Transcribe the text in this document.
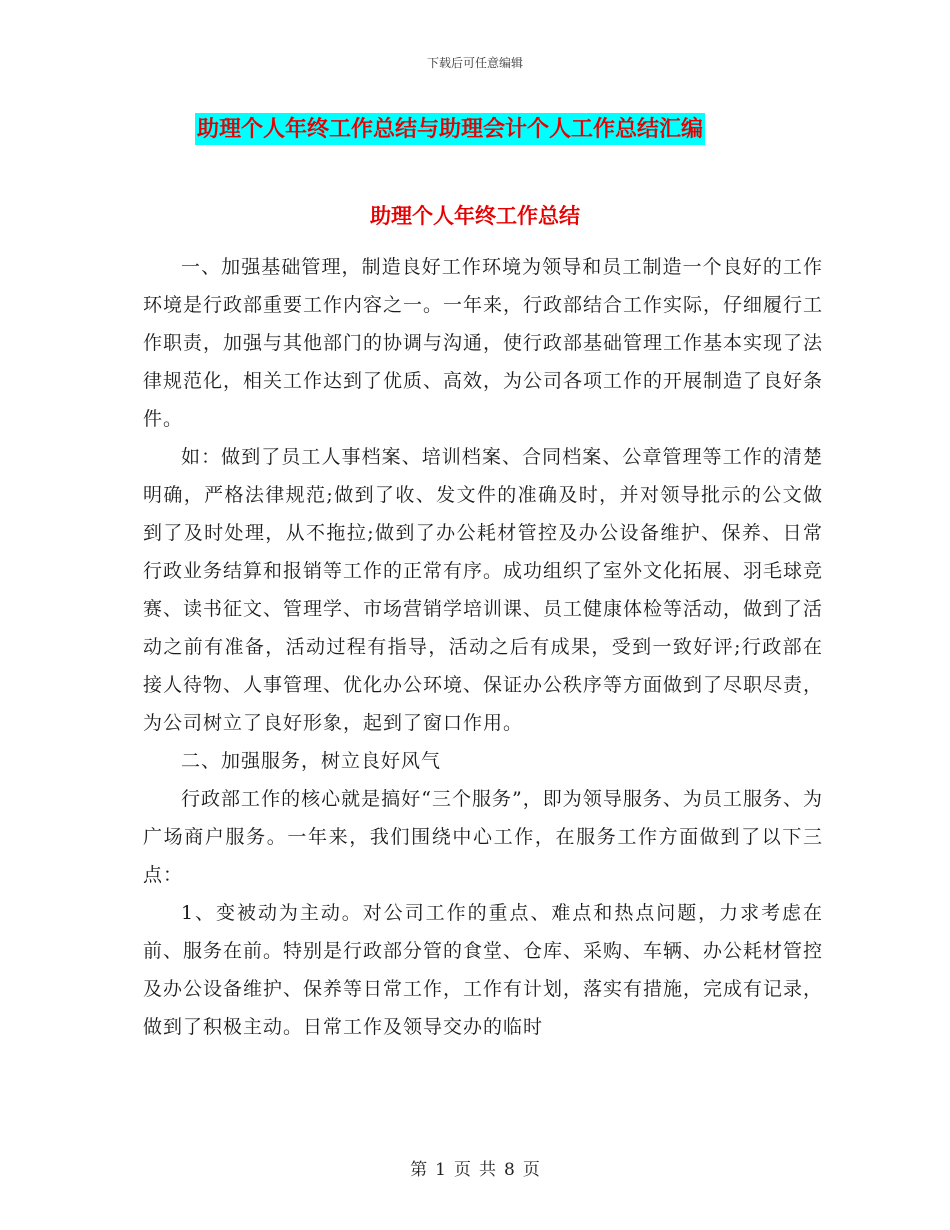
下载后可任意编辑
助理个人年终工作总结与助理会计个人工作总结汇编
助理个人年终工作总结

一、加强基础管理，制造良好工作环境为领导和员工制造一个良好的工作环境是行政部重要工作内容之一。一年来，行政部结合工作实际，仔细履行工作职责，加强与其他部门的协调与沟通，使行政部基础管理工作基本实现了法律规范化，相关工作达到了优质、高效，为公司各项工作的开展制造了良好条件。

如：做到了员工人事档案、培训档案、合同档案、公章管理等工作的清楚明确，严格法律规范;做到了收、发文件的准确及时，并对领导批示的公文做到了及时处理，从不拖拉;做到了办公耗材管控及办公设备维护、保养、日常行政业务结算和报销等工作的正常有序。成功组织了室外文化拓展、羽毛球竞赛、读书征文、管理学、市场营销学培训课、员工健康体检等活动，做到了活动之前有准备，活动过程有指导，活动之后有成果，受到一致好评;行政部在接人待物、人事管理、优化办公环境、保证办公秩序等方面做到了尽职尽责，为公司树立了良好形象，起到了窗口作用。

二、加强服务，树立良好风气

行政部工作的核心就是搞好“三个服务”，即为领导服务、为员工服务、为广场商户服务。一年来，我们围绕中心工作，在服务工作方面做到了以下三点：

1、变被动为主动。对公司工作的重点、难点和热点问题，力求考虑在前、服务在前。特别是行政部分管的食堂、仓库、采购、车辆、办公耗材管控及办公设备维护、保养等日常工作，工作有计划，落实有措施，完成有记录，做到了积极主动。日常工作及领导交办的临时

第 1 页 共 8 页
